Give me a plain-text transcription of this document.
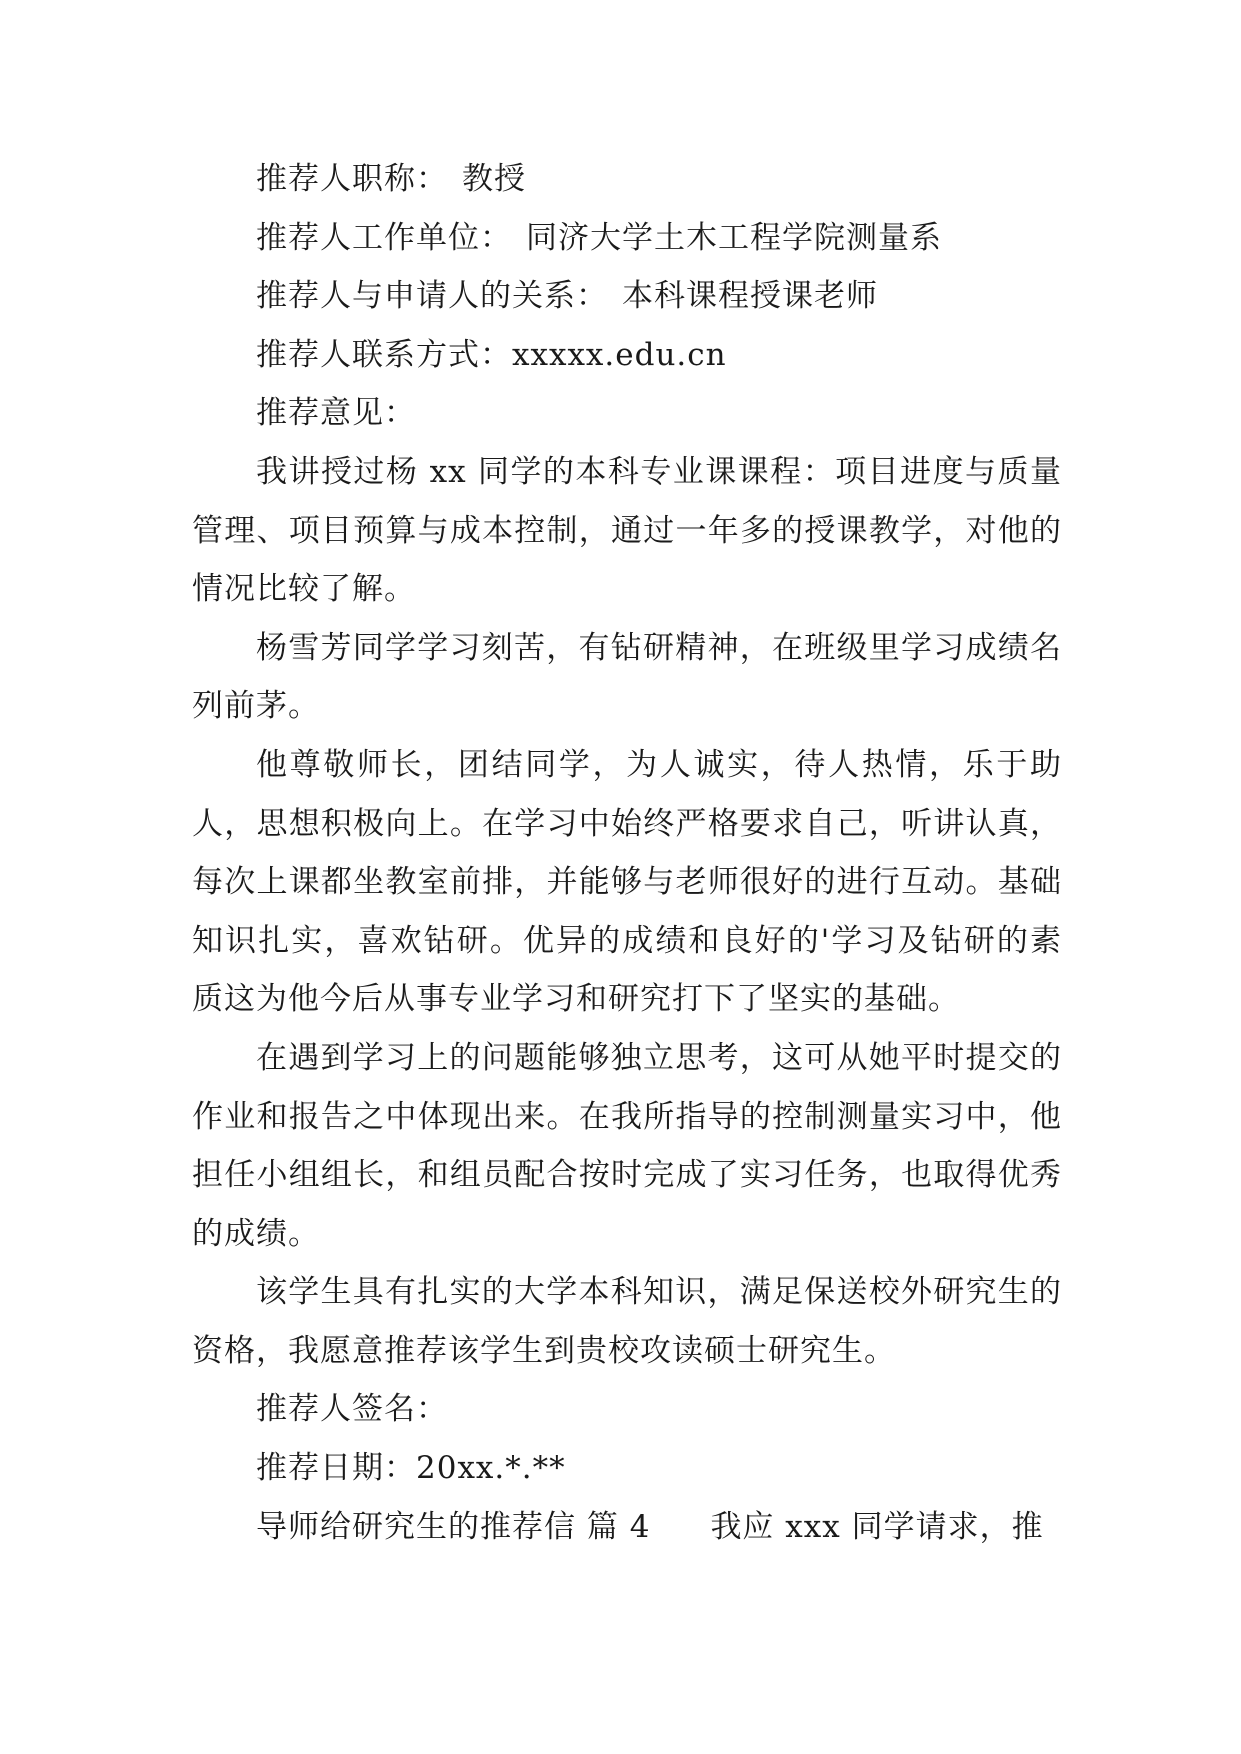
推荐人职称： 教授
推荐人工作单位： 同济大学土木工程学院测量系
推荐人与申请人的关系： 本科课程授课老师
推荐人联系方式：xxxxx.edu.cn
推荐意见：

我讲授过杨 xx 同学的本科专业课课程：项目进度与质量管理、项目预算与成本控制，通过一年多的授课教学，对他的情况比较了解。

杨雪芳同学学习刻苦，有钻研精神，在班级里学习成绩名列前茅。

他尊敬师长，团结同学，为人诚实，待人热情，乐于助人，思想积极向上。在学习中始终严格要求自己，听讲认真，每次上课都坐教室前排，并能够与老师很好的进行互动。基础知识扎实，喜欢钻研。优异的成绩和良好的'学习及钻研的素质这为他今后从事专业学习和研究打下了坚实的基础。

在遇到学习上的问题能够独立思考，这可从她平时提交的作业和报告之中体现出来。在我所指导的控制测量实习中，他担任小组组长，和组员配合按时完成了实习任务，也取得优秀的成绩。

该学生具有扎实的大学本科知识，满足保送校外研究生的资格，我愿意推荐该学生到贵校攻读硕士研究生。

推荐人签名：
推荐日期：20xx.*.**
导师给研究生的推荐信 篇 4 我应 xxx 同学请求，推
